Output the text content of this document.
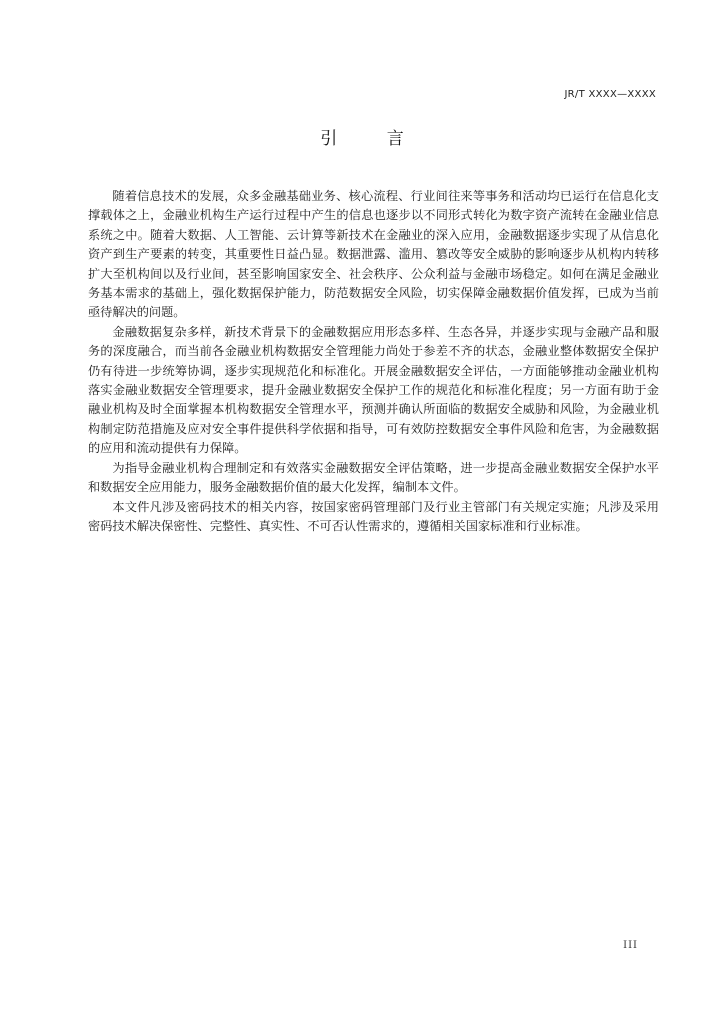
JR/T XXXX—XXXX
引 言

随着信息技术的发展，众多金融基础业务、核心流程、行业间往来等事务和活动均已运行在信息化支撑载体之上，金融业机构生产运行过程中产生的信息也逐步以不同形式转化为数字资产流转在金融业信息系统之中。随着大数据、人工智能、云计算等新技术在金融业的深入应用，金融数据逐步实现了从信息化资产到生产要素的转变，其重要性日益凸显。数据泄露、滥用、篡改等安全威胁的影响逐步从机构内转移扩大至机构间以及行业间，甚至影响国家安全、社会秩序、公众利益与金融市场稳定。如何在满足金融业务基本需求的基础上，强化数据保护能力，防范数据安全风险，切实保障金融数据价值发挥，已成为当前亟待解决的问题。

金融数据复杂多样，新技术背景下的金融数据应用形态多样、生态各异，并逐步实现与金融产品和服务的深度融合，而当前各金融业机构数据安全管理能力尚处于参差不齐的状态，金融业整体数据安全保护仍有待进一步统筹协调，逐步实现规范化和标准化。开展金融数据安全评估，一方面能够推动金融业机构落实金融业数据安全管理要求，提升金融业数据安全保护工作的规范化和标准化程度；另一方面有助于金融业机构及时全面掌握本机构数据安全管理水平，预测并确认所面临的数据安全威胁和风险，为金融业机构制定防范措施及应对安全事件提供科学依据和指导，可有效防控数据安全事件风险和危害，为金融数据的应用和流动提供有力保障。

为指导金融业机构合理制定和有效落实金融数据安全评估策略，进一步提高金融业数据安全保护水平和数据安全应用能力，服务金融数据价值的最大化发挥，编制本文件。

本文件凡涉及密码技术的相关内容，按国家密码管理部门及行业主管部门有关规定实施；凡涉及采用密码技术解决保密性、完整性、真实性、不可否认性需求的，遵循相关国家标准和行业标准。

III
